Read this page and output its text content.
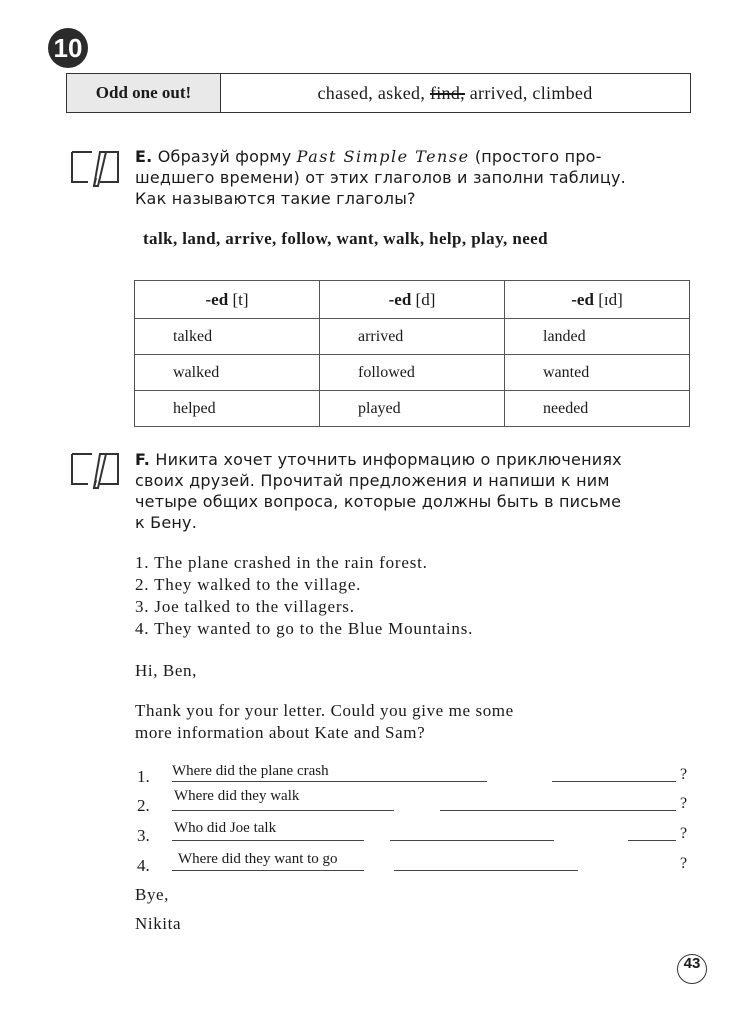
10
Odd one out!	chased, asked, find, arrived, climbed
E. Образуй форму Past Simple Tense (простого про-
шедшего времени) от этих глаголов и заполни таблицу.
Как называются такие глаголы?
talk, land, arrive, follow, want, walk, help, play, need
-ed [t]	-ed [d]	-ed [ɪd]
talked	arrived	landed
walked	followed	wanted
helped	played	needed
F. Никита хочет уточнить информацию о приключениях
своих друзей. Прочитай предложения и напиши к ним
четыре общих вопроса, которые должны быть в письме
к Бену.
1. The plane crashed in the rain forest.
2. They walked to the village.
3. Joe talked to the villagers.
4. They wanted to go to the Blue Mountains.
Hi, Ben,
Thank you for your letter. Could you give me some
more information about Kate and Sam?
1. Where did the plane crash	?
2. Where did they walk	?
3. Who did Joe talk	?
4. Where did they want to go	?
Bye,
Nikita
43
